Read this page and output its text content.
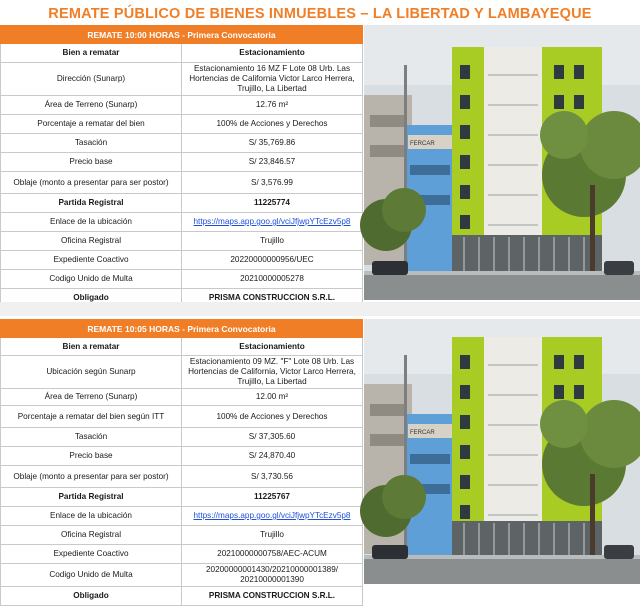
REMATE PÚBLICO DE BIENES INMUEBLES – LA LIBERTAD Y LAMBAYEQUE
REMATE 10:00 HORAS - Primera Convocatoria	
Bien a rematar	Estacionamiento
Dirección (Sunarp)	Estacionamiento 16 MZ F Lote 08 Urb. Las Hortencias de California Victor Larco Herrera, Trujillo, La Libertad
Área de Terreno (Sunarp)	12.76 m²
Porcentaje a rematar del bien	100% de Acciones y Derechos
Tasación	S/ 35,769.86
Precio base	S/ 23,846.57
Oblaje (monto a presentar para ser postor)	S/ 3,576.99
Partida Registral	11225774
Enlace de la ubicación	https://maps.app.goo.gl/vciJfjwpYTcEzv5p8
Oficina Registral	Trujillo
Expediente Coactivo	20220000000956/UEC
Codigo Unido de Multa	20210000005278
Obligado	PRISMA CONSTRUCCION S.R.L.
FERCAR
REMATE 10:05 HORAS - Primera Convocatoria	
Bien a rematar	Estacionamiento
Ubicación según Sunarp	Estacionamiento 09 MZ. "F" Lote 08 Urb. Las Hortencias de California, Victor Larco Herrera, Trujillo, La Libertad
Área de Terreno (Sunarp)	12.00 m²
Porcentaje a rematar del bien según ITT	100% de Acciones y Derechos
Tasación	S/ 37,305.60
Precio base	S/ 24,870.40
Oblaje (monto a presentar para ser postor)	S/ 3,730.56
Partida Registral	11225767
Enlace de la ubicación	https://maps.app.goo.gl/vciJfjwpYTcEzv5p8
Oficina Registral	Trujillo
Expediente Coactivo	20210000000758/AEC-ACUM
Codigo Unido de Multa	20200000001430/20210000001389/ 20210000001390
Obligado	PRISMA CONSTRUCCION S.R.L.
FERCAR
